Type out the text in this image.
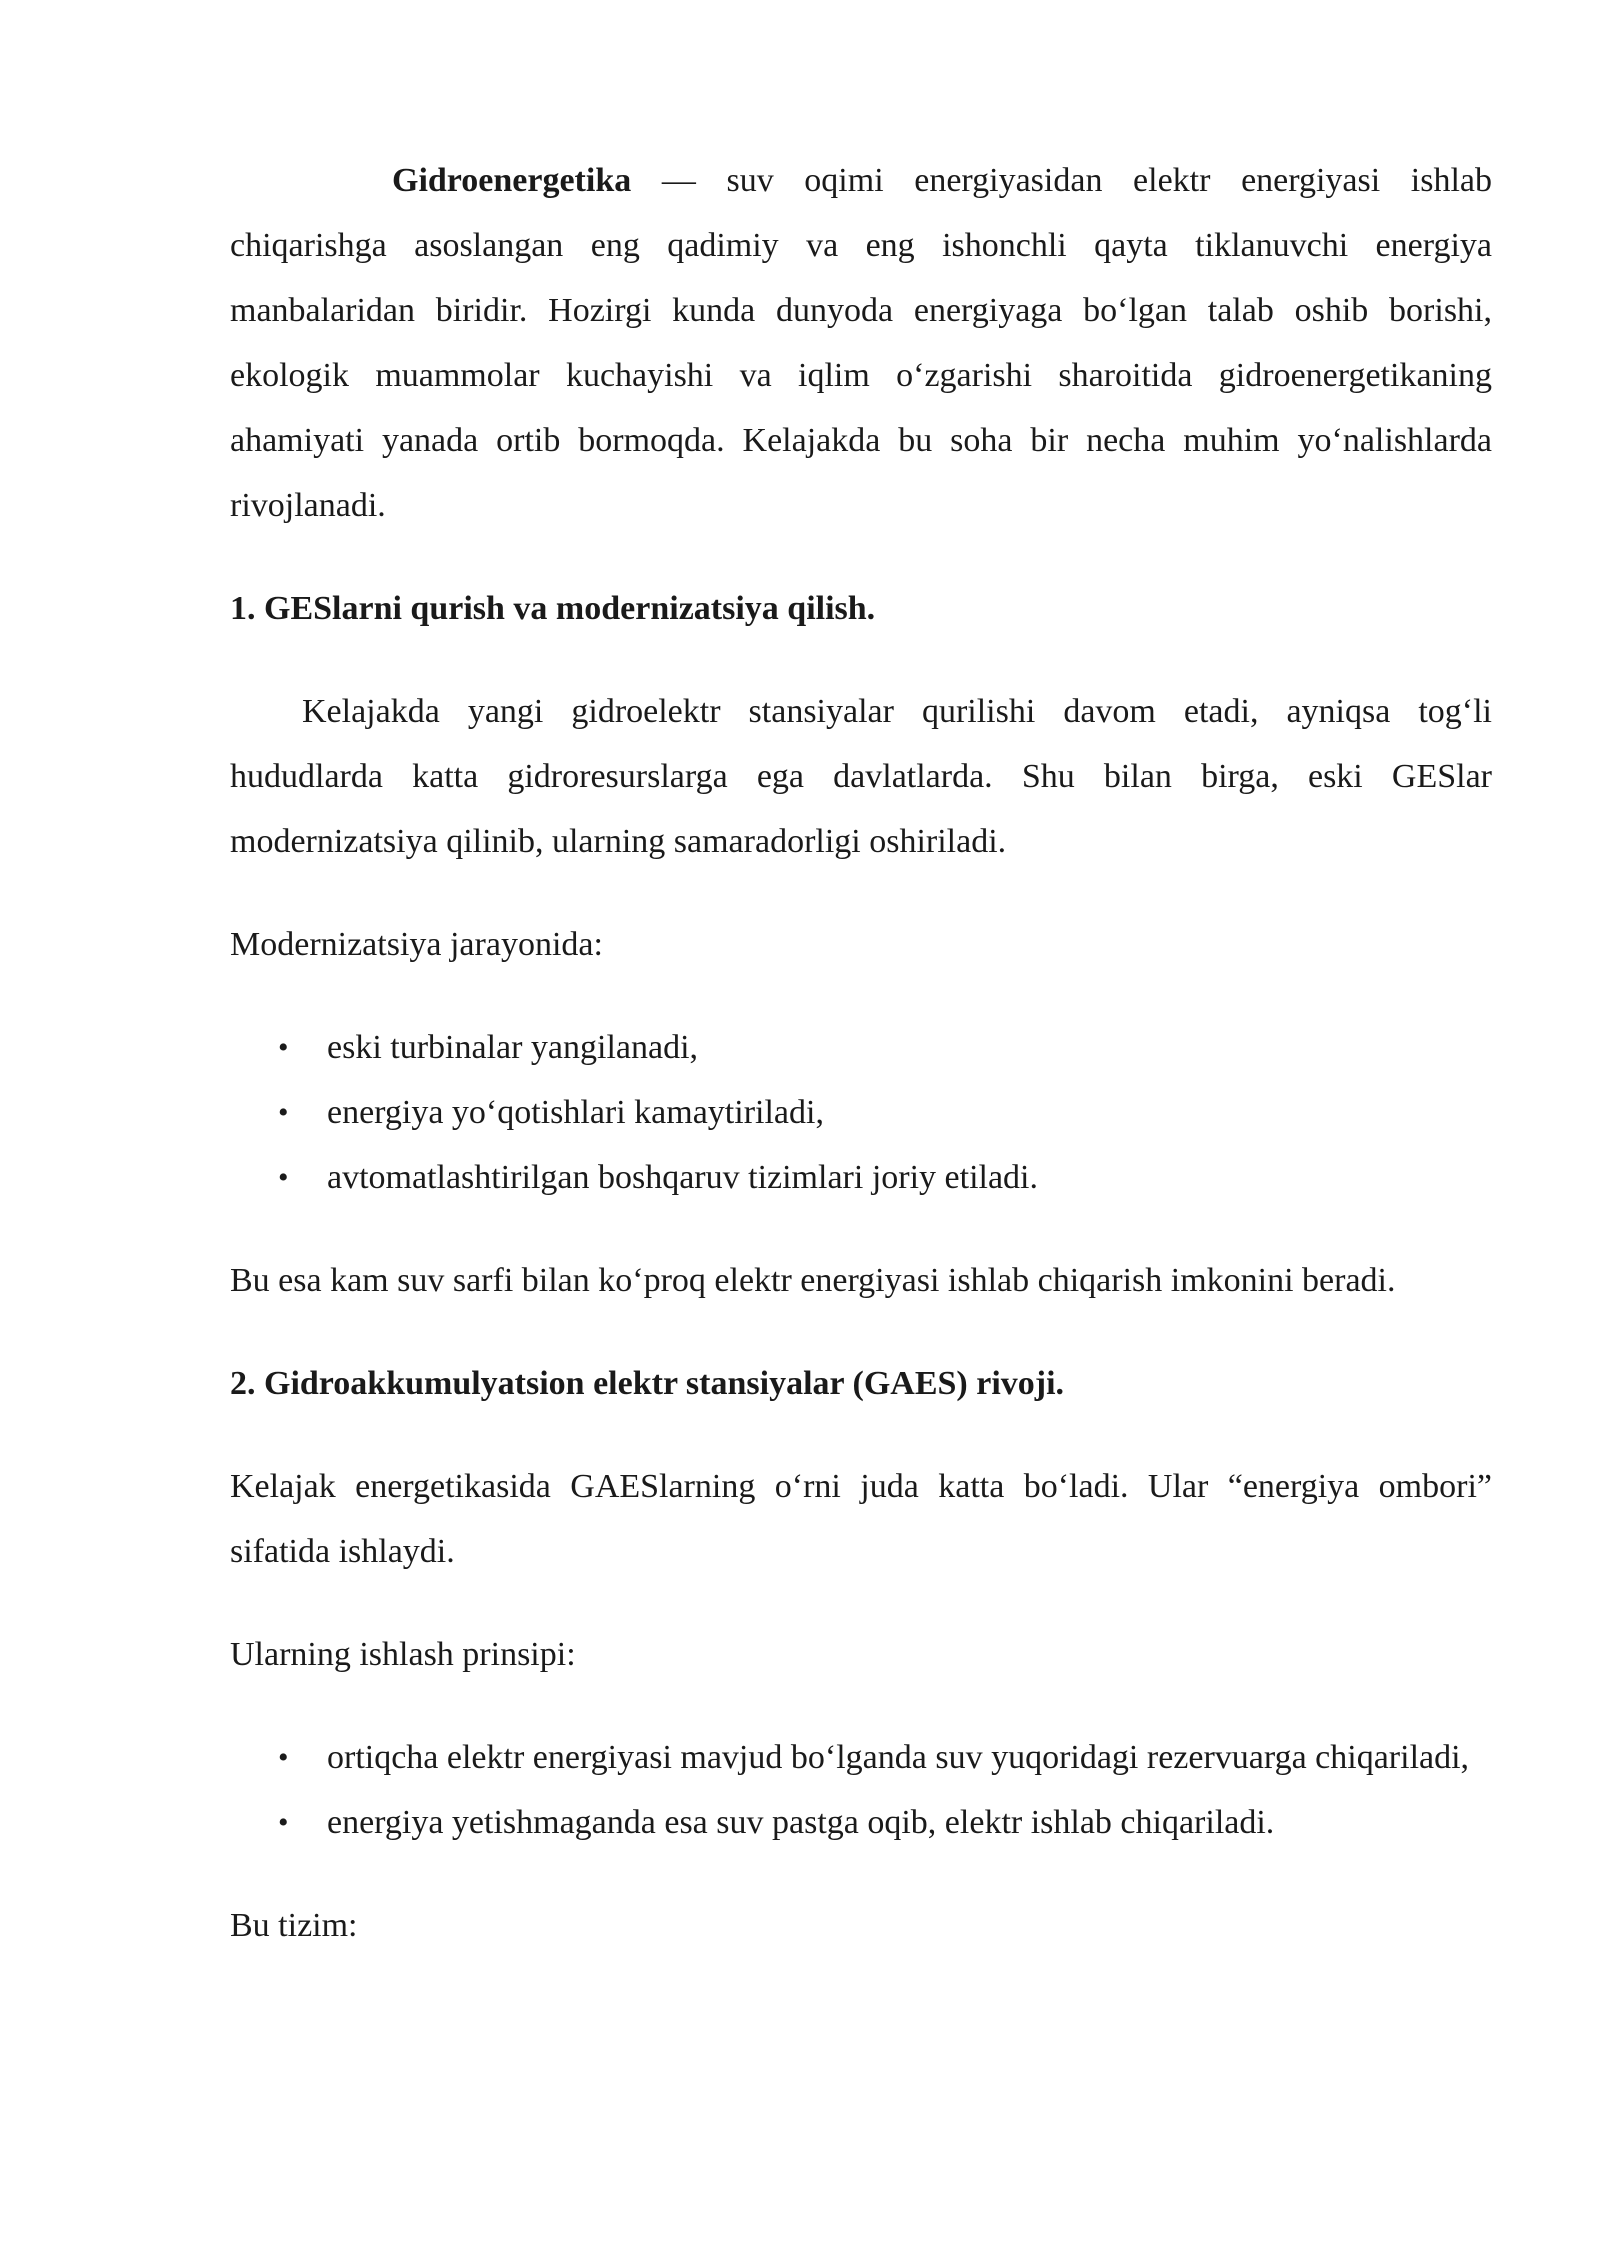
Gidroenergetika — suv oqimi energiyasidan elektr energiyasi ishlab chiqarishga asoslangan eng qadimiy va eng ishonchli qayta tiklanuvchi energiya manbalaridan biridir. Hozirgi kunda dunyoda energiyaga bo‘lgan talab oshib borishi, ekologik muammolar kuchayishi va iqlim o‘zgarishi sharoitida gidroenergetikaning ahamiyati yanada ortib bormoqda. Kelajakda bu soha bir necha muhim yo‘nalishlarda rivojlanadi.

1. GESlarni qurish va modernizatsiya qilish.

Kelajakda yangi gidroelektr stansiyalar qurilishi davom etadi, ayniqsa tog‘li hududlarda katta gidroresurslarga ega davlatlarda. Shu bilan birga, eski GESlar modernizatsiya qilinib, ularning samaradorligi oshiriladi.

Modernizatsiya jarayonida:

• eski turbinalar yangilanadi,
• energiya yo‘qotishlari kamaytiriladi,
• avtomatlashtirilgan boshqaruv tizimlari joriy etiladi.

Bu esa kam suv sarfi bilan ko‘proq elektr energiyasi ishlab chiqarish imkonini beradi.

2. Gidroakkumulyatsion elektr stansiyalar (GAES) rivoji.

Kelajak energetikasida GAESlarning o‘rni juda katta bo‘ladi. Ular “energiya ombori” sifatida ishlaydi.

Ularning ishlash prinsipi:

• ortiqcha elektr energiyasi mavjud bo‘lganda suv yuqoridagi rezervuarga chiqariladi,
• energiya yetishmaganda esa suv pastga oqib, elektr ishlab chiqariladi.

Bu tizim:
